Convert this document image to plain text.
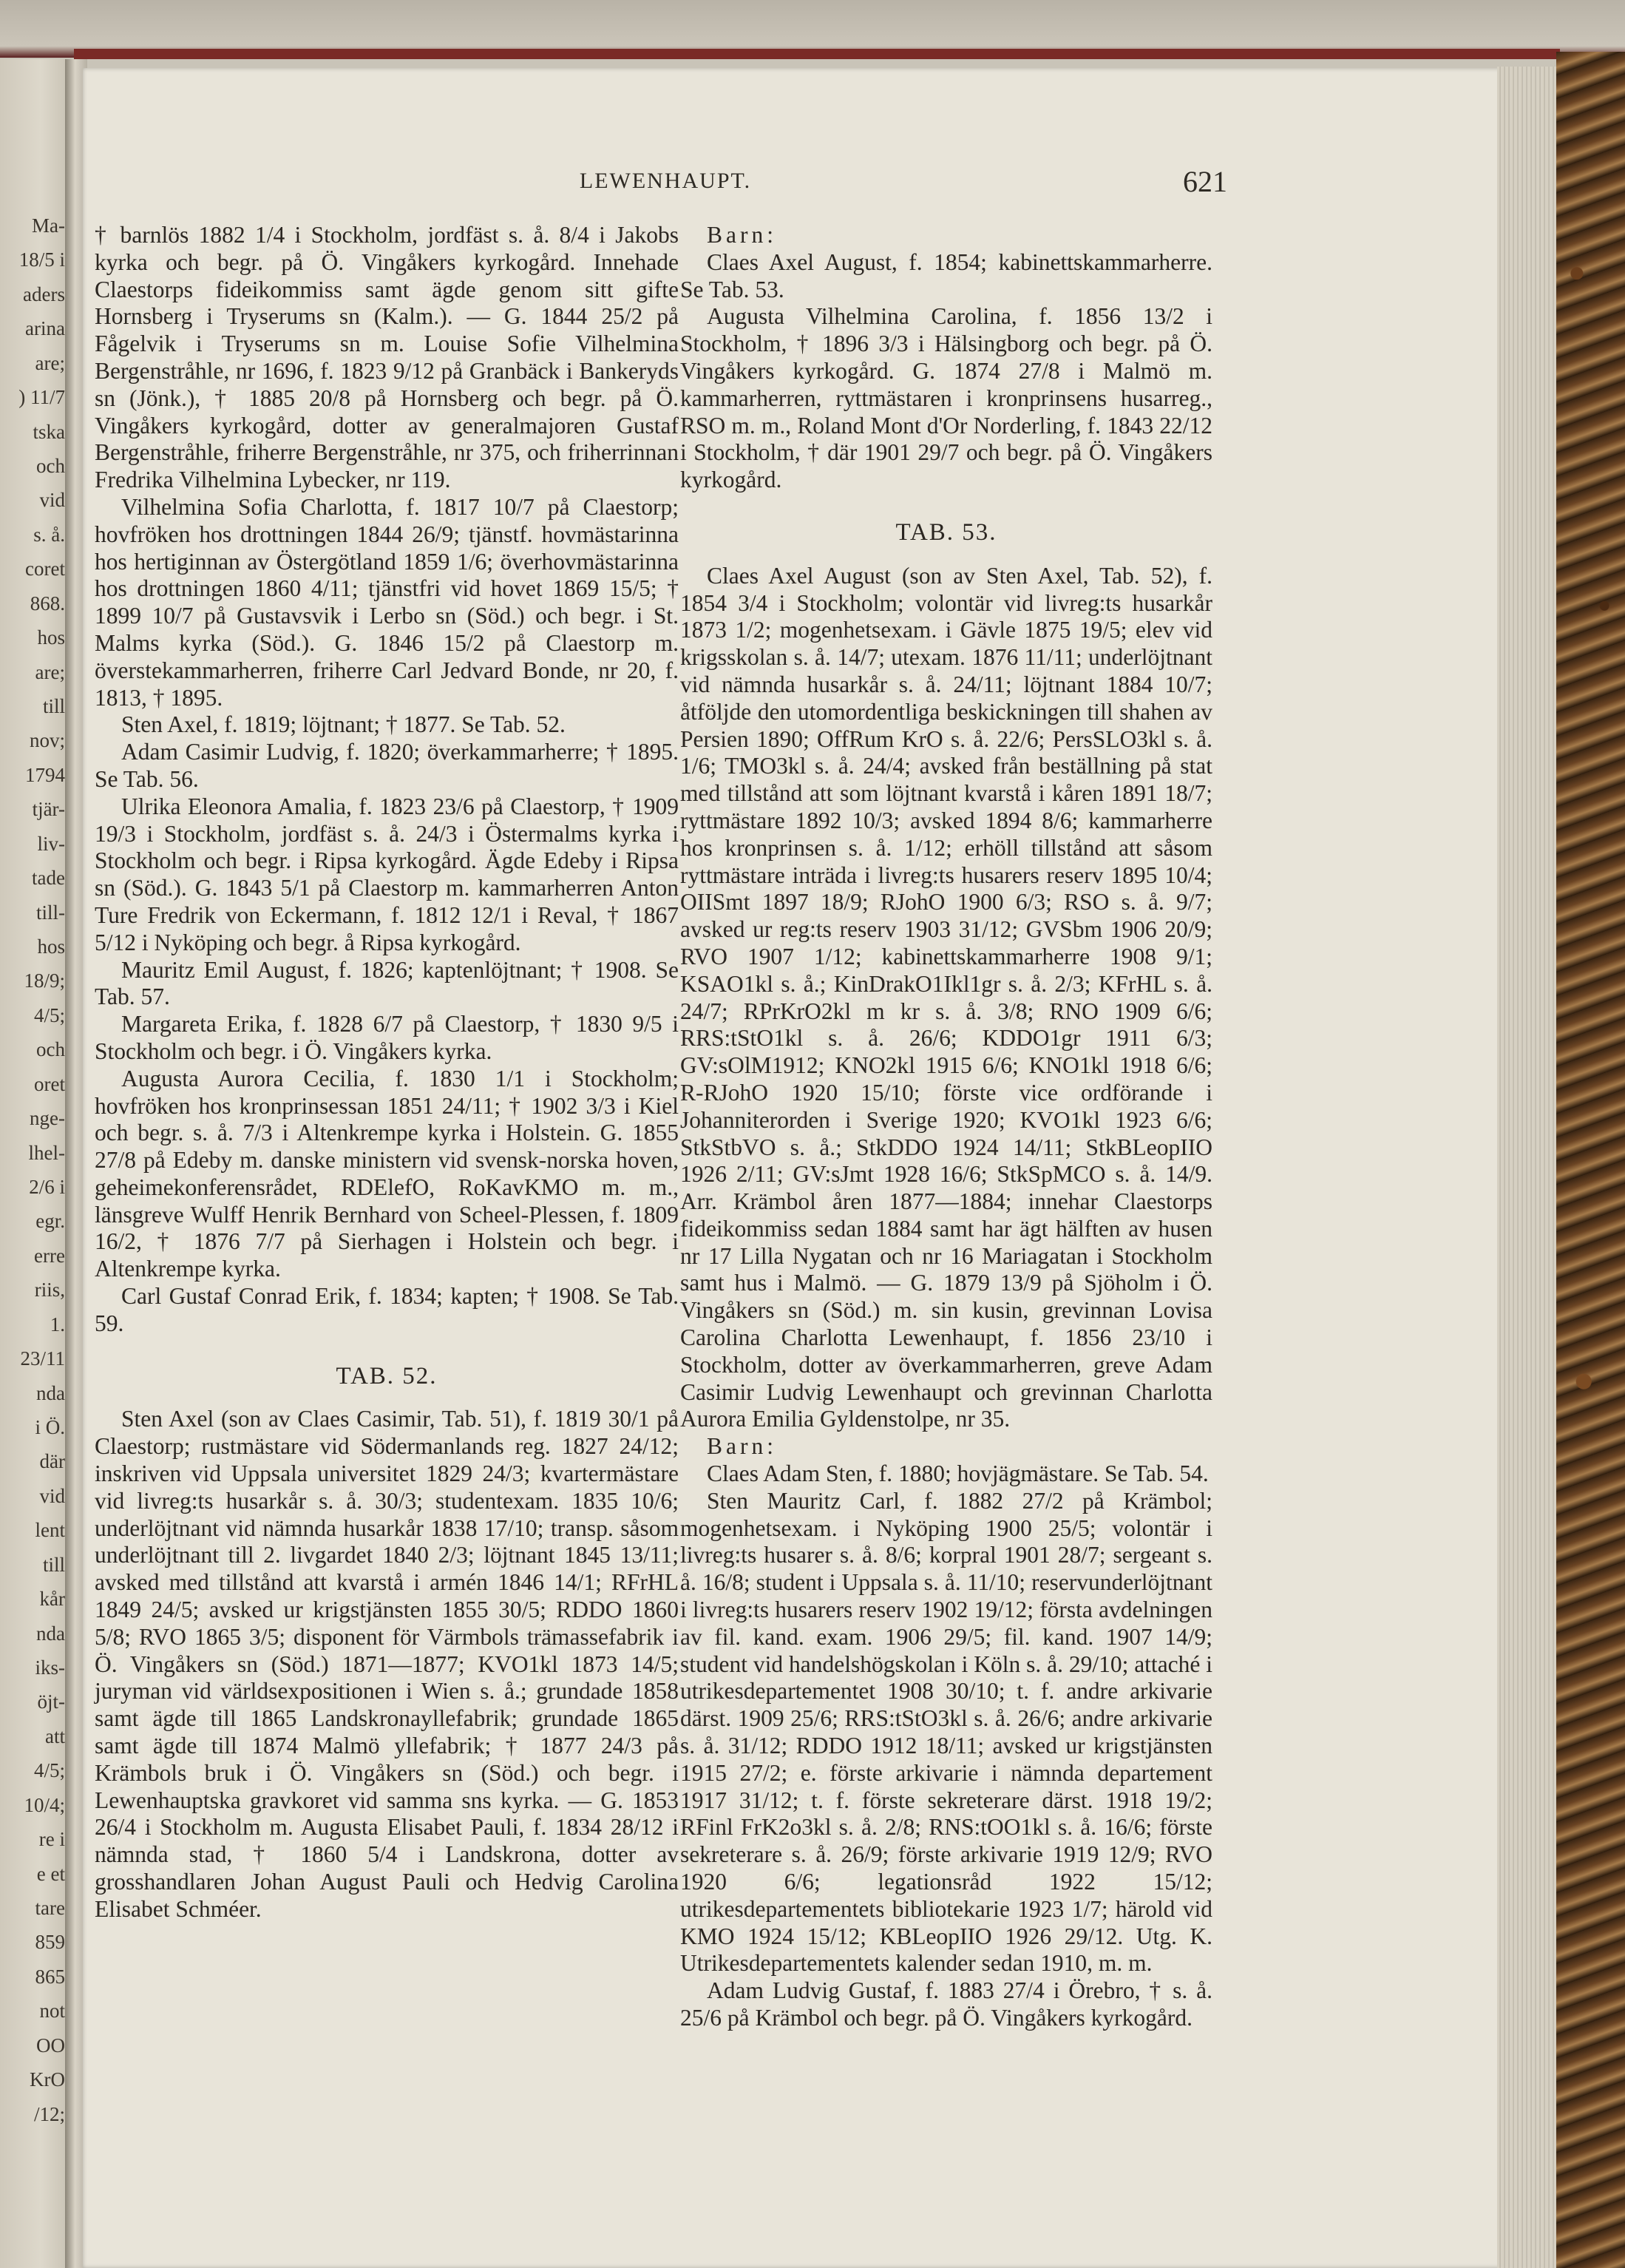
Ma-
18/5 i
aders
arina
are;
) 11/7
tska
och
vid
s. å.
coret
868.
hos
are;
till
nov;
1794
tjär-
liv-
tade
till-
hos
18/9;
4/5;
och
oret
nge-
lhel-
2/6 i
egr.
erre
riis,
1.
23/11
nda
i Ö.
där
vid
lent
till
kår
nda
iks-
öjt-
att
4/5;
10/4;
re i
e et
tare
859
865
not
OO
KrO
/12;
LEWENHAUPT.	621

† barnlös 1882 1/4 i Stockholm, jordfäst s. å. 8/4 i Jakobs kyrka och begr. på Ö. Vingåkers kyrkogård. Innehade Claestorps fideikommiss samt ägde genom sitt gifte Hornsberg i Tryserums sn (Kalm.). — G. 1844 25/2 på Fågelvik i Tryserums sn m. Louise Sofie Vilhelmina Bergenstråhle, nr 1696, f. 1823 9/12 på Granbäck i Bankeryds sn (Jönk.), † 1885 20/8 på Hornsberg och begr. på Ö. Vingåkers kyrkogård, dotter av generalmajoren Gustaf Bergenstråhle, friherre Bergenstråhle, nr 375, och friherrinnan Fredrika Vilhelmina Lybecker, nr 119.

Vilhelmina Sofia Charlotta, f. 1817 10/7 på Claestorp; hovfröken hos drottningen 1844 26/9; tjänstf. hovmästarinna hos hertiginnan av Östergötland 1859 1/6; överhovmästarinna hos drottningen 1860 4/11; tjänstfri vid hovet 1869 15/5; † 1899 10/7 på Gustavsvik i Lerbo sn (Söd.) och begr. i St. Malms kyrka (Söd.). G. 1846 15/2 på Claestorp m. överstekammarherren, friherre Carl Jedvard Bonde, nr 20, f. 1813, † 1895.

Sten Axel, f. 1819; löjtnant; † 1877. Se Tab. 52.

Adam Casimir Ludvig, f. 1820; överkammarherre; † 1895. Se Tab. 56.

Ulrika Eleonora Amalia, f. 1823 23/6 på Claestorp, † 1909 19/3 i Stockholm, jordfäst s. å. 24/3 i Östermalms kyrka i Stockholm och begr. i Ripsa kyrkogård. Ägde Edeby i Ripsa sn (Söd.). G. 1843 5/1 på Claestorp m. kammarherren Anton Ture Fredrik von Eckermann, f. 1812 12/1 i Reval, † 1867 5/12 i Nyköping och begr. å Ripsa kyrkogård.

Mauritz Emil August, f. 1826; kaptenlöjtnant; † 1908. Se Tab. 57.

Margareta Erika, f. 1828 6/7 på Claestorp, † 1830 9/5 i Stockholm och begr. i Ö. Vingåkers kyrka.

Augusta Aurora Cecilia, f. 1830 1/1 i Stockholm; hovfröken hos kronprinsessan 1851 24/11; † 1902 3/3 i Kiel och begr. s. å. 7/3 i Altenkrempe kyrka i Holstein. G. 1855 27/8 på Edeby m. danske ministern vid svensk-norska hoven, geheimekonferensrådet, RDElefO, RoKavKMO m. m., länsgreve Wulff Henrik Bernhard von Scheel-Plessen, f. 1809 16/2, † 1876 7/7 på Sierhagen i Holstein och begr. i Altenkrempe kyrka.

Carl Gustaf Conrad Erik, f. 1834; kapten; † 1908. Se Tab. 59.

TAB. 52.

Sten Axel (son av Claes Casimir, Tab. 51), f. 1819 30/1 på Claestorp; rustmästare vid Södermanlands reg. 1827 24/12; inskriven vid Uppsala universitet 1829 24/3; kvartermästare vid livreg:ts husarkår s. å. 30/3; studentexam. 1835 10/6; underlöjtnant vid nämnda husarkår 1838 17/10; transp. såsom underlöjtnant till 2. livgardet 1840 2/3; löjtnant 1845 13/11; avsked med tillstånd att kvarstå i armén 1846 14/1; RFrHL 1849 24/5; avsked ur krigstjänsten 1855 30/5; RDDO 1860 5/8; RVO 1865 3/5; disponent för Värmbols trämassefabrik i Ö. Vingåkers sn (Söd.) 1871—1877; KVO1kl 1873 14/5; juryman vid världsexpositionen i Wien s. å.; grundade 1858 samt ägde till 1865 Landskronayllefabrik; grundade 1865 samt ägde till 1874 Malmö yllefabrik; † 1877 24/3 på Krämbols bruk i Ö. Vingåkers sn (Söd.) och begr. i Lewenhauptska gravkoret vid samma sns kyrka. — G. 1853 26/4 i Stockholm m. Augusta Elisabet Pauli, f. 1834 28/12 i nämnda stad, † 1860 5/4 i Landskrona, dotter av grosshandlaren Johan August Pauli och Hedvig Carolina Elisabet Schméer.

Barn:

Claes Axel August, f. 1854; kabinettskammarherre. Se Tab. 53.

Augusta Vilhelmina Carolina, f. 1856 13/2 i Stockholm, † 1896 3/3 i Hälsingborg och begr. på Ö. Vingåkers kyrkogård. G. 1874 27/8 i Malmö m. kammarherren, ryttmästaren i kronprinsens husarreg., RSO m. m., Roland Mont d'Or Norderling, f. 1843 22/12 i Stockholm, † där 1901 29/7 och begr. på Ö. Vingåkers kyrkogård.

TAB. 53.

Claes Axel August (son av Sten Axel, Tab. 52), f. 1854 3/4 i Stockholm; volontär vid livreg:ts husarkår 1873 1/2; mogenhetsexam. i Gävle 1875 19/5; elev vid krigsskolan s. å. 14/7; utexam. 1876 11/11; underlöjtnant vid nämnda husarkår s. å. 24/11; löjtnant 1884 10/7; åtföljde den utomordentliga beskickningen till shahen av Persien 1890; OffRum KrO s. å. 22/6; PersSLO3kl s. å. 1/6; TMO3kl s. å. 24/4; avsked från beställning på stat med tillstånd att som löjtnant kvarstå i kåren 1891 18/7; ryttmästare 1892 10/3; avsked 1894 8/6; kammarherre hos kronprinsen s. å. 1/12; erhöll tillstånd att såsom ryttmästare inträda i livreg:ts husarers reserv 1895 10/4; OIISmt 1897 18/9; RJohO 1900 6/3; RSO s. å. 9/7; avsked ur reg:ts reserv 1903 31/12; GVSbm 1906 20/9; RVO 1907 1/12; kabinettskammarherre 1908 9/1; KSAO1kl s. å.; KinDrakO1Ikl1gr s. å. 2/3; KFrHL s. å. 24/7; RPrKrO2kl m kr s. å. 3/8; RNO 1909 6/6; RRS:tStO1kl s. å. 26/6; KDDO1gr 1911 6/3; GV:sOlM1912; KNO2kl 1915 6/6; KNO1kl 1918 6/6; R-RJohO 1920 15/10; förste vice ordförande i Johanniterorden i Sverige 1920; KVO1kl 1923 6/6; StkStbVO s. å.; StkDDO 1924 14/11; StkBLeopIIO 1926 2/11; GV:sJmt 1928 16/6; StkSpMCO s. å. 14/9. Arr. Krämbol åren 1877—1884; innehar Claestorps fideikommiss sedan 1884 samt har ägt hälften av husen nr 17 Lilla Nygatan och nr 16 Mariagatan i Stockholm samt hus i Malmö. — G. 1879 13/9 på Sjöholm i Ö. Vingåkers sn (Söd.) m. sin kusin, grevinnan Lovisa Carolina Charlotta Lewenhaupt, f. 1856 23/10 i Stockholm, dotter av överkammarherren, greve Adam Casimir Ludvig Lewenhaupt och grevinnan Charlotta Aurora Emilia Gyldenstolpe, nr 35.

Barn:

Claes Adam Sten, f. 1880; hovjägmästare. Se Tab. 54.

Sten Mauritz Carl, f. 1882 27/2 på Krämbol; mogenhetsexam. i Nyköping 1900 25/5; volontär i livreg:ts husarer s. å. 8/6; korpral 1901 28/7; sergeant s. å. 16/8; student i Uppsala s. å. 11/10; reservunderlöjtnant i livreg:ts husarers reserv 1902 19/12; första avdelningen av fil. kand. exam. 1906 29/5; fil. kand. 1907 14/9; student vid handelshögskolan i Köln s. å. 29/10; attaché i utrikesdepartementet 1908 30/10; t. f. andre arkivarie därst. 1909 25/6; RRS:tStO3kl s. å. 26/6; andre arkivarie s. å. 31/12; RDDO 1912 18/11; avsked ur krigstjänsten 1915 27/2; e. förste arkivarie i nämnda departement 1917 31/12; t. f. förste sekreterare därst. 1918 19/2; RFinl FrK2o3kl s. å. 2/8; RNS:tOO1kl s. å. 16/6; förste sekreterare s. å. 26/9; förste arkivarie 1919 12/9; RVO 1920 6/6; legationsråd 1922 15/12; utrikesdepartementets bibliotekarie 1923 1/7; härold vid KMO 1924 15/12; KBLeopIIO 1926 29/12. Utg. K. Utrikesdepartementets kalender sedan 1910, m. m.

Adam Ludvig Gustaf, f. 1883 27/4 i Örebro, † s. å. 25/6 på Krämbol och begr. på Ö. Vingåkers kyrkogård.
